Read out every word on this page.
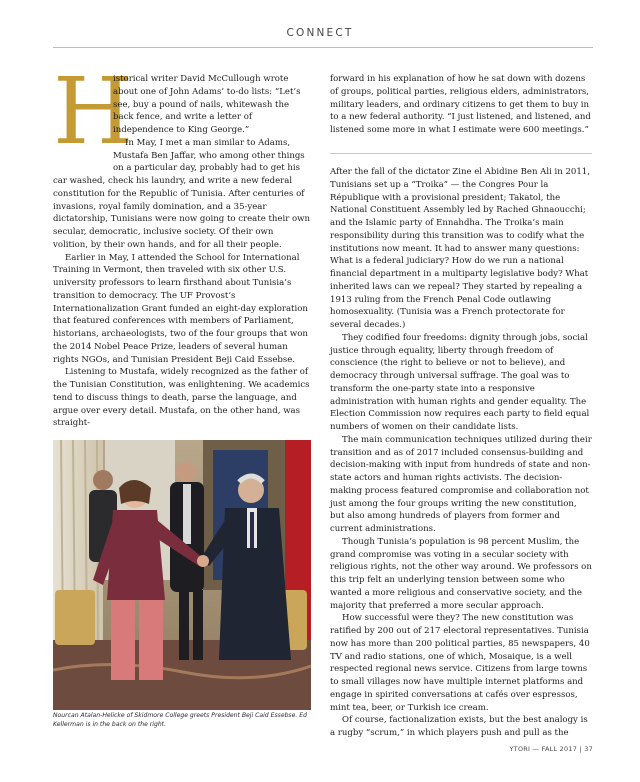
CONNECT
H

istorical writer David McCullough wrote about one of John Adams’ to-do lists: “Let’s see, buy a pound of nails, whitewash the back fence, and write a letter of independence to King George.”

In May, I met a man similar to Adams, Mustafa Ben Jaffar, who among other things on a particular day, probably had to get his car washed, check his laundry, and write a new federal constitution for the Republic of Tunisia. After centuries of invasions, royal family domination, and a 35-year dictatorship, Tunisians were now going to create their own secular, democratic, inclusive society. Of their own volition, by their own hands, and for all their people.

Earlier in May, I attended the School for International Training in Vermont, then traveled with six other U.S. university professors to learn firsthand about Tunisia’s transition to democracy. The UF Provost’s Internationalization Grant funded an eight-day exploration that featured conferences with members of Parliament, historians, archaeologists, two of the four groups that won the 2014 Nobel Peace Prize, leaders of several human rights NGOs, and Tunisian President Beji Caid Essebse.

Listening to Mustafa, widely recognized as the father of the Tunisian Constitution, was enlightening. We academics tend to discuss things to death, parse the language, and argue over every detail. Mustafa, on the other hand, was straight-

forward in his explanation of how he sat down with dozens of groups, political parties, religious elders, administrators, military leaders, and ordinary citizens to get them to buy in to a new federal authority. “I just listened, and listened, and listened some more in what I estimate were 600 meetings.”

After the fall of the dictator Zine el Abidine Ben Ali in 2011, Tunisians set up a “Troika” — the Congres Pour la République with a provisional president; Takatol, the National Constituent Assembly led by Rached Ghnaoucchi; and the Islamic party of Ennahdha. The Troika’s main responsibility during this transition was to codify what the institutions now meant. It had to answer many questions: What is a federal judiciary? How do we run a national financial department in a multiparty legislative body? What inherited laws can we repeal? They started by repealing a 1913 ruling from the French Penal Code outlawing homosexuality. (Tunisia was a French protectorate for several decades.)

They codified four freedoms: dignity through jobs, social justice through equality, liberty through freedom of conscience (the right to believe or not to believe), and democracy through universal suffrage. The goal was to transform the one-party state into a responsive administration with human rights and gender equality. The Election Commission now requires each party to field equal numbers of women on their candidate lists.

The main communication techniques utilized during their transition and as of 2017 included consensus-building and decision-making with input from hundreds of state and non-state actors and human rights activists. The decision-making process featured compromise and collaboration not just among the four groups writing the new constitution, but also among hundreds of players from former and current administrations.

Though Tunisia’s population is 98 percent Muslim, the grand compromise was voting in a secular society with religious rights, not the other way around. We professors on this trip felt an underlying tension between some who wanted a more religious and conservative society, and the majority that preferred a more secular approach.

How successful were they? The new constitution was ratified by 200 out of 217 electoral representatives. Tunisia now has more than 200 political parties, 85 newspapers, 40 TV and radio stations, one of which, Mosaique, is a well respected regional news service. Citizens from large towns to small villages now have multiple internet platforms and engage in spirited conversations at cafés over espressos, mint tea, beer, or Turkish ice cream.

Of course, factionalization exists, but the best analogy is a rugby “scrum,” in which players push and pull as the

Nourcan Atalan-Helicke of Skidmore College greets President Beji Caid Essebse. Ed Kellerman is in the back on the right.
YTORI — FALL 2017 | 37
